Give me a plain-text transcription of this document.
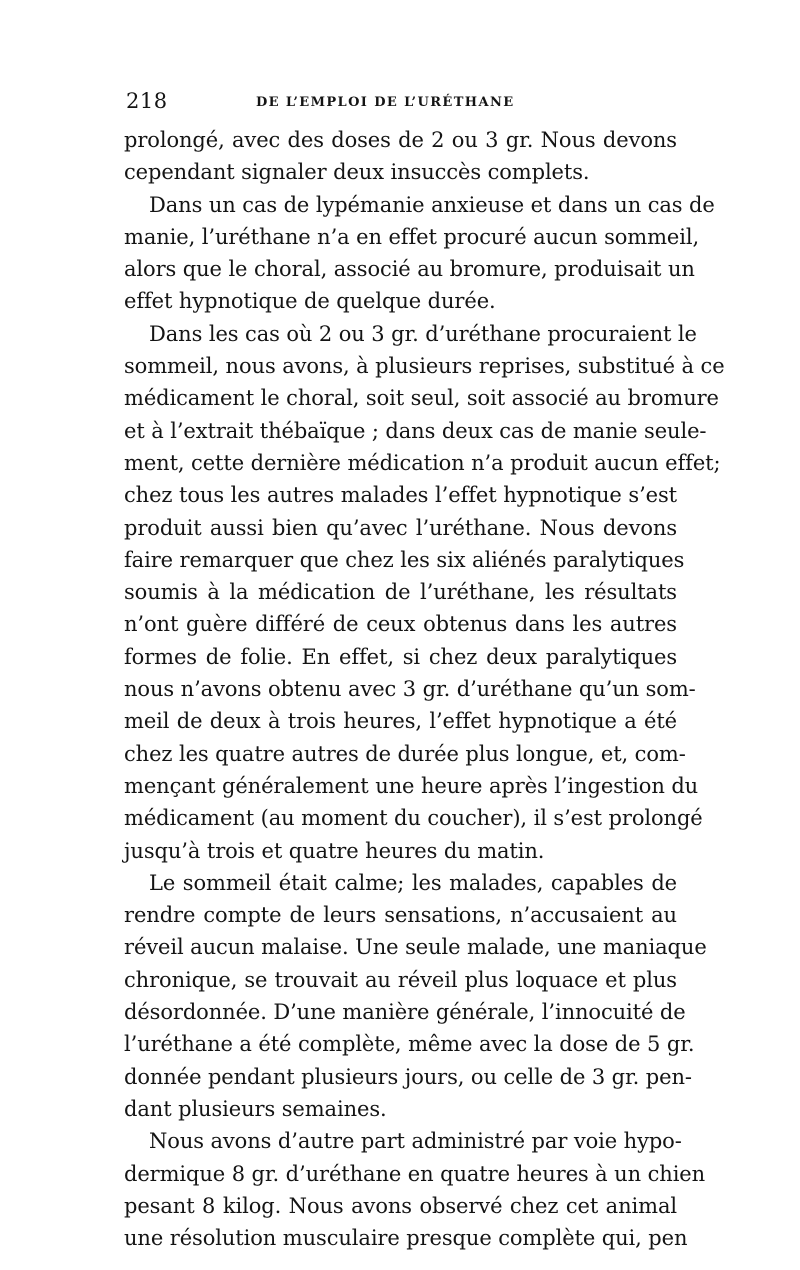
218	DE L’EMPLOI DE L’URÉTHANE
prolongé, avec des doses de 2 ou 3 gr. Nous devons
cependant signaler deux insuccès complets.
Dans un cas de lypémanie anxieuse et dans un cas de
manie, l’uréthane n’a en effet procuré aucun sommeil,
alors que le choral, associé au bromure, produisait un
effet hypnotique de quelque durée.
Dans les cas où 2 ou 3 gr. d’uréthane procuraient le
sommeil, nous avons, à plusieurs reprises, substitué à ce
médicament le choral, soit seul, soit associé au bromure
et à l’extrait thébaïque ; dans deux cas de manie seule-
ment, cette dernière médication n’a produit aucun effet;
chez tous les autres malades l’effet hypnotique s’est
produit aussi bien qu’avec l’uréthane. Nous devons
faire remarquer que chez les six aliénés paralytiques
soumis à la médication de l’uréthane, les résultats
n’ont guère différé de ceux obtenus dans les autres
formes de folie. En effet, si chez deux paralytiques
nous n’avons obtenu avec 3 gr. d’uréthane qu’un som-
meil de deux à trois heures, l’effet hypnotique a été
chez les quatre autres de durée plus longue, et, com-
mençant généralement une heure après l’ingestion du
médicament (au moment du coucher), il s’est prolongé
jusqu’à trois et quatre heures du matin.
Le sommeil était calme; les malades, capables de
rendre compte de leurs sensations, n’accusaient au
réveil aucun malaise. Une seule malade, une maniaque
chronique, se trouvait au réveil plus loquace et plus
désordonnée. D’une manière générale, l’innocuité de
l’uréthane a été complète, même avec la dose de 5 gr.
donnée pendant plusieurs jours, ou celle de 3 gr. pen-
dant plusieurs semaines.
Nous avons d’autre part administré par voie hypo-
dermique 8 gr. d’uréthane en quatre heures à un chien
pesant 8 kilog. Nous avons observé chez cet animal
une résolution musculaire presque complète qui, pen
